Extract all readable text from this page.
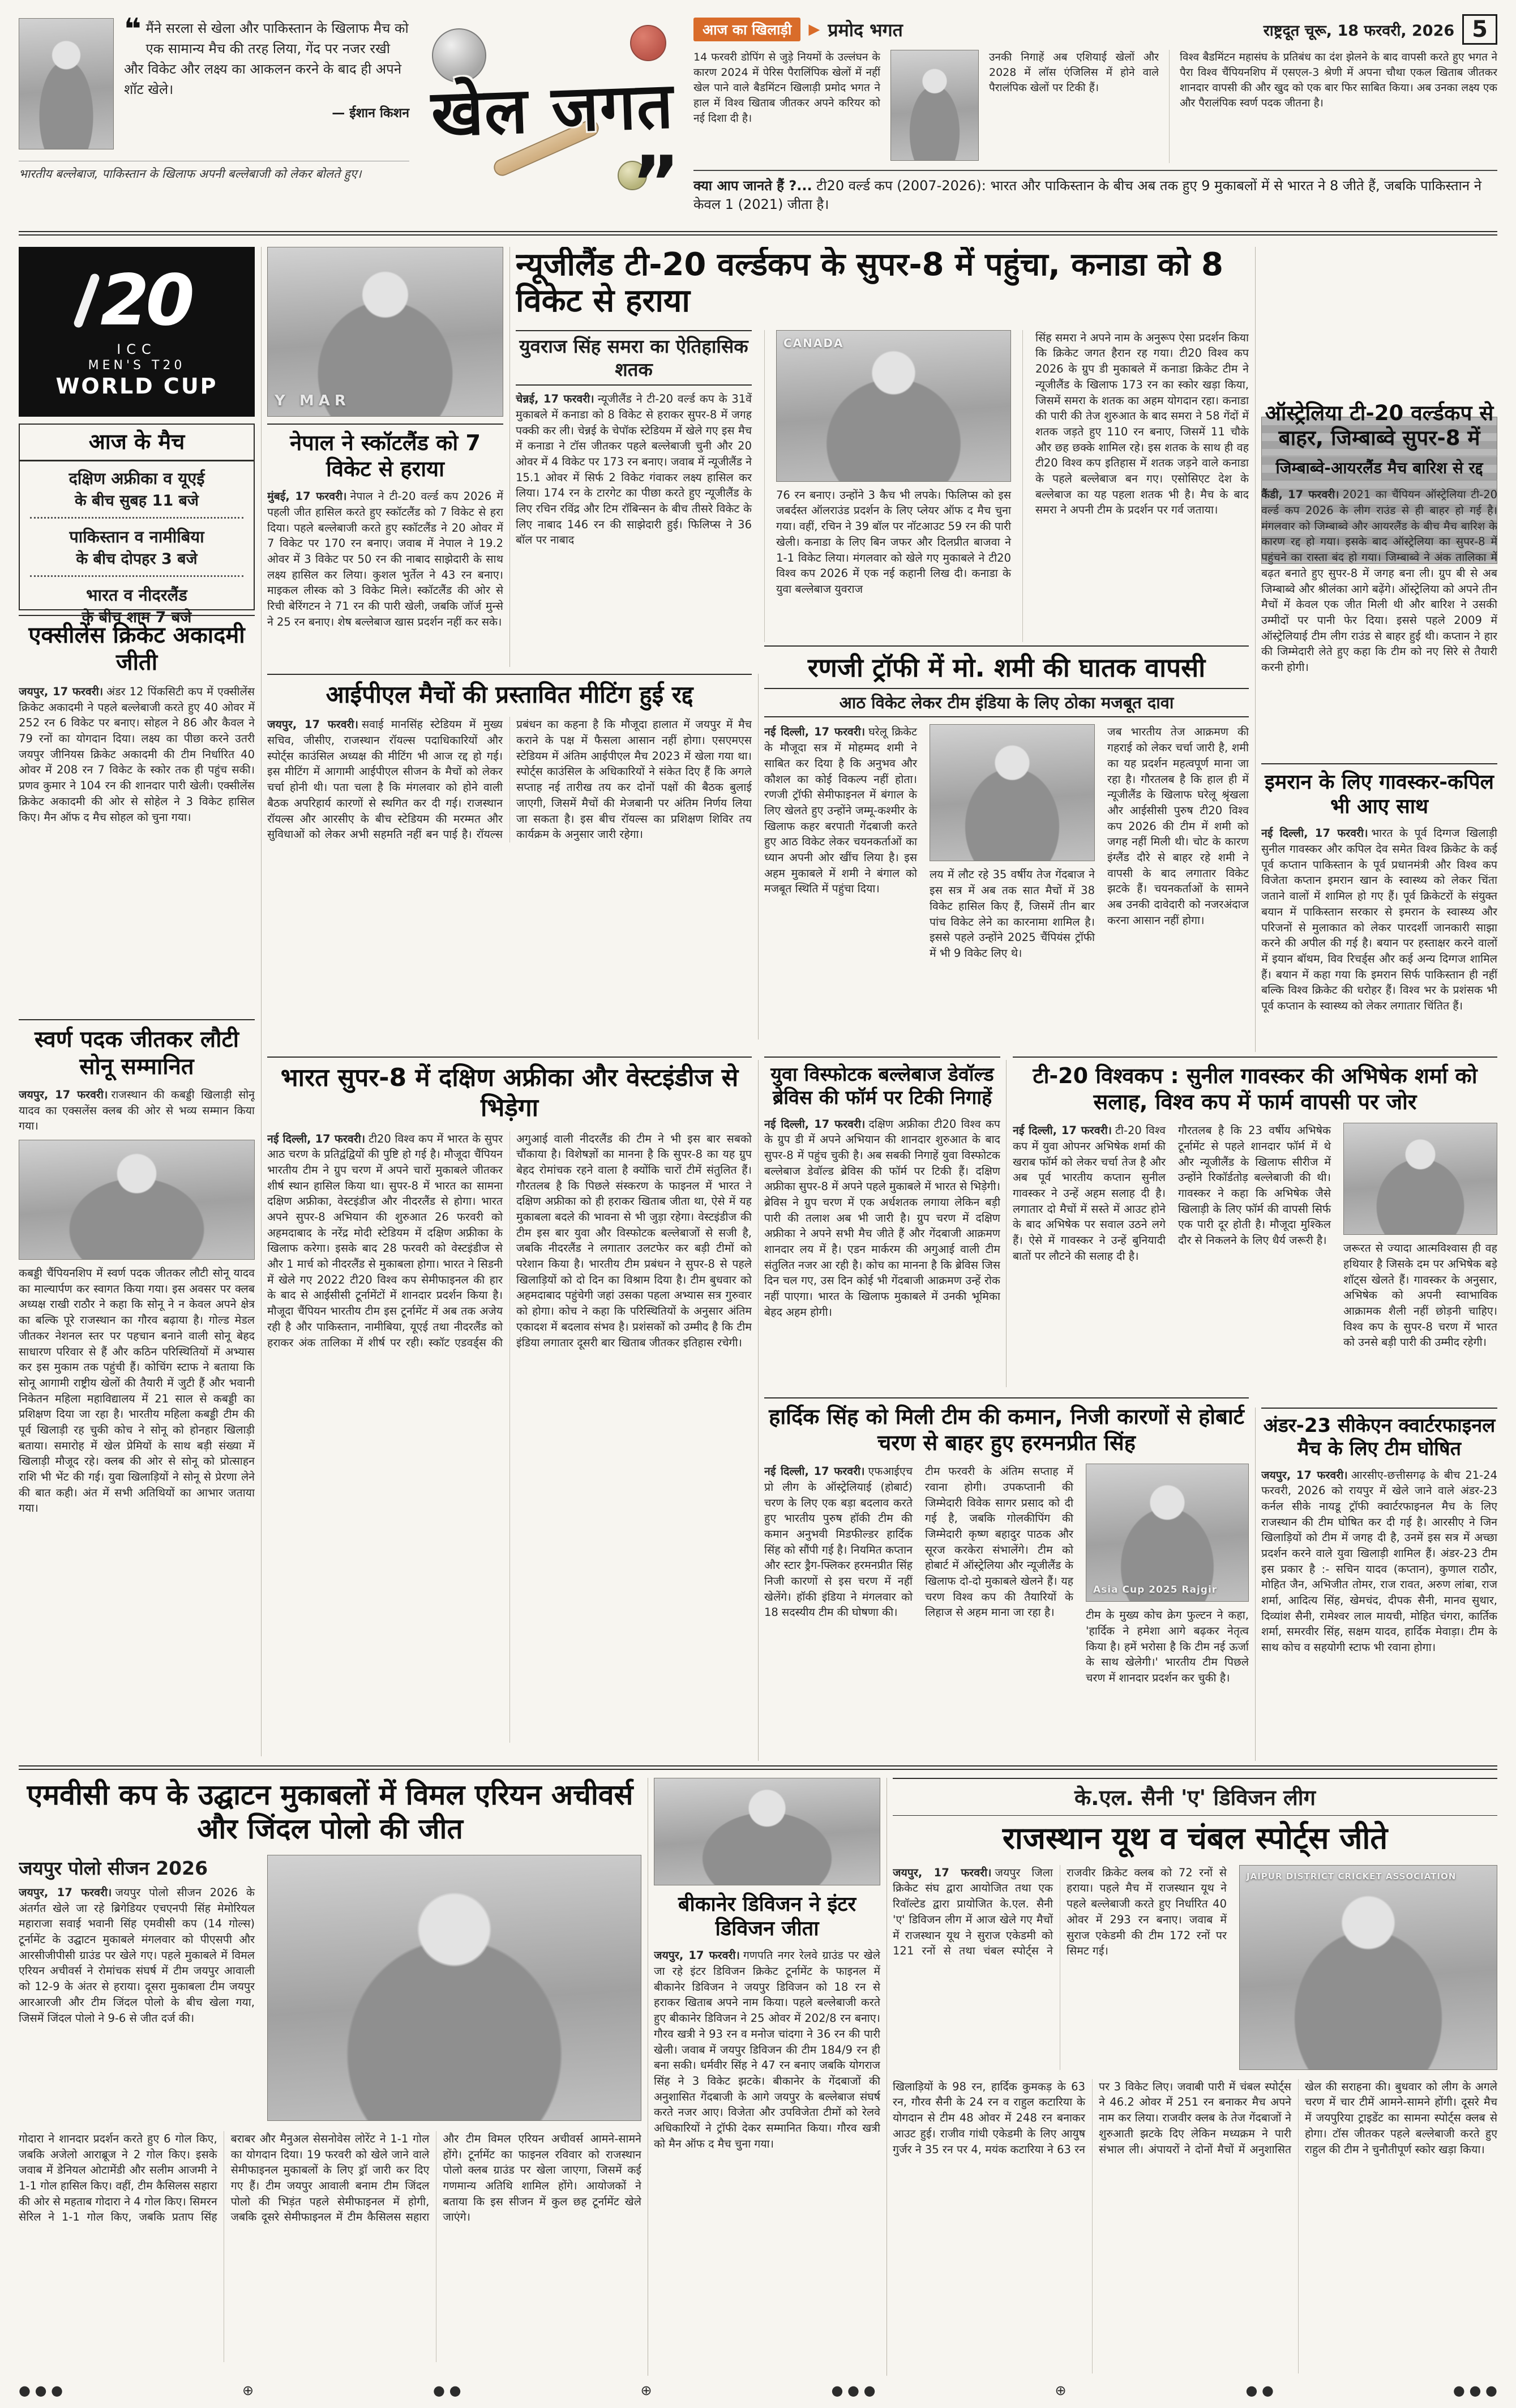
❝ मैंने सरला से खेला और पाकिस्तान के खिलाफ मैच को एक सामान्य मैच की तरह लिया, गेंद पर नजर रखी और विकेट और लक्ष्य का आकलन करने के बाद ही अपने शॉट खेले।
— ईशान किशन
भारतीय बल्लेबाज, पाकिस्तान के खिलाफ अपनी बल्लेबाजी को लेकर बोलते हुए।
खेल जगत
”
आज का खिलाड़ी	▶ प्रमोद भगत	राष्ट्रदूत चूरू, 18 फरवरी, 2026 5
14 फरवरी डोपिंग से जुड़े नियमों के उल्लंघन के कारण 2024 में पेरिस पैरालिंपिक खेलों में नहीं खेल पाने वाले बैडमिंटन खिलाड़ी प्रमोद भगत ने हाल में विश्व खिताब जीतकर अपने करियर को नई दिशा दी है।
उनकी निगाहें अब एशियाई खेलों और 2028 में लॉस एंजिलिस में होने वाले पैरालंपिक खेलों पर टिकी हैं।
विश्व बैडमिंटन महासंघ के प्रतिबंध का दंश झेलने के बाद वापसी करते हुए भगत ने पैरा विश्व चैंपियनशिप में एसएल-3 श्रेणी में अपना चौथा एकल खिताब जीतकर शानदार वापसी की और खुद को एक बार फिर साबित किया। अब उनका लक्ष्य एक और पैरालंपिक स्वर्ण पदक जीतना है।
क्या आप जानते हैं ?... टी20 वर्ल्ड कप (2007-2026): भारत और पाकिस्तान के बीच अब तक हुए 9 मुकाबलों में से भारत ने 8 जीते हैं, जबकि पाकिस्तान ने केवल 1 (2021) जीता है।
20
ICC
MEN'S T20
WORLD CUP
आज के मैच
दक्षिण अफ्रीका व यूएई
के बीच सुबह 11 बजे
पाकिस्तान व नामीबिया
के बीच दोपहर 3 बजे
भारत व नीदरलैंड
के बीच शाम 7 बजे
एक्सीलेंस क्रिकेट अकादमी जीती

जयपुर, 17 फरवरी। अंडर 12 पिंकसिटी कप में एक्सीलेंस क्रिकेट अकादमी ने पहले बल्लेबाजी करते हुए 40 ओवर में 252 रन 6 विकेट पर बनाए। सोहल ने 86 और कैवल ने 79 रनों का योगदान दिया। लक्ष्य का पीछा करने उतरी जयपुर जीनियस क्रिकेट अकादमी की टीम निर्धारित 40 ओवर में 208 रन 7 विकेट के स्कोर तक ही पहुंच सकी। प्रणव कुमार ने 104 रन की शानदार पारी खेली। एक्सीलेंस क्रिकेट अकादमी की ओर से सोहेल ने 3 विकेट हासिल किए। मैन ऑफ द मैच सोहल को चुना गया।

स्वर्ण पदक जीतकर लौटी सोनू सम्मानित

जयपुर, 17 फरवरी। राजस्थान की कबड्डी खिलाड़ी सोनू यादव का एक्सलेंस क्लब की ओर से भव्य सम्मान किया गया।

कबड्डी चैंपियनशिप में स्वर्ण पदक जीतकर लौटी सोनू यादव का माल्यार्पण कर स्वागत किया गया। इस अवसर पर क्लब अध्यक्ष राखी राठौर ने कहा कि सोनू ने न केवल अपने क्षेत्र का बल्कि पूरे राजस्थान का गौरव बढ़ाया है। गोल्ड मेडल जीतकर नेशनल स्तर पर पहचान बनाने वाली सोनू बेहद साधारण परिवार से हैं और कठिन परिस्थितियों में अभ्यास कर इस मुकाम तक पहुंची हैं। कोचिंग स्टाफ ने बताया कि सोनू आगामी राष्ट्रीय खेलों की तैयारी में जुटी हैं और भवानी निकेतन महिला महाविद्यालय में 21 साल से कबड्डी का प्रशिक्षण दिया जा रहा है। भारतीय महिला कबड्डी टीम की पूर्व खिलाड़ी रह चुकी कोच ने सोनू को होनहार खिलाड़ी बताया। समारोह में खेल प्रेमियों के साथ बड़ी संख्या में खिलाड़ी मौजूद रहे। क्लब की ओर से सोनू को प्रोत्साहन राशि भी भेंट की गई। युवा खिलाड़ियों ने सोनू से प्रेरणा लेने की बात कही। अंत में सभी अतिथियों का आभार जताया गया।

Y MAR
नेपाल ने स्कॉटलैंड को 7 विकेट से हराया

मुंबई, 17 फरवरी। नेपाल ने टी-20 वर्ल्ड कप 2026 में पहली जीत हासिल करते हुए स्कॉटलैंड को 7 विकेट से हरा दिया। पहले बल्लेबाजी करते हुए स्कॉटलैंड ने 20 ओवर में 7 विकेट पर 170 रन बनाए। जवाब में नेपाल ने 19.2 ओवर में 3 विकेट पर 50 रन की नाबाद साझेदारी के साथ लक्ष्य हासिल कर लिया। कुशल भुर्तेल ने 43 रन बनाए। माइकल लीस्क को 3 विकेट मिले। स्कॉटलैंड की ओर से रिची बेरिंगटन ने 71 रन की पारी खेली, जबकि जॉर्ज मुन्से ने 25 रन बनाए। शेष बल्लेबाज खास प्रदर्शन नहीं कर सके।

न्यूजीलैंड टी-20 वर्ल्डकप के सुपर-8 में पहुंचा, कनाडा को 8 विकेट से हराया
युवराज सिंह समरा का ऐतिहासिक शतक

चेन्नई, 17 फरवरी। न्यूजीलैंड ने टी-20 वर्ल्ड कप के 31वें मुकाबले में कनाडा को 8 विकेट से हराकर सुपर-8 में जगह पक्की कर ली। चेन्नई के चेपॉक स्टेडियम में खेले गए इस मैच में कनाडा ने टॉस जीतकर पहले बल्लेबाजी चुनी और 20 ओवर में 4 विकेट पर 173 रन बनाए। जवाब में न्यूजीलैंड ने 15.1 ओवर में सिर्फ 2 विकेट गंवाकर लक्ष्य हासिल कर लिया। 174 रन के टारगेट का पीछा करते हुए न्यूजीलैंड के लिए रचिन रविंद्र और टिम रॉबिन्सन के बीच तीसरे विकेट के लिए नाबाद 146 रन की साझेदारी हुई। फिलिप्स ने 36 बॉल पर नाबाद

CANADA

76 रन बनाए। उन्होंने 3 कैच भी लपके। फिलिप्स को इस जबर्दस्त ऑलराउंड प्रदर्शन के लिए प्लेयर ऑफ द मैच चुना गया। वहीं, रचिन ने 39 बॉल पर नॉटआउट 59 रन की पारी खेली। कनाडा के लिए बिन जफर और दिलप्रीत बाजवा ने 1-1 विकेट लिया। मंगलवार को खेले गए मुकाबले ने टी20 विश्व कप 2026 में एक नई कहानी लिख दी। कनाडा के युवा बल्लेबाज युवराज

सिंह समरा ने अपने नाम के अनुरूप ऐसा प्रदर्शन किया कि क्रिकेट जगत हैरान रह गया। टी20 विश्व कप 2026 के ग्रुप डी मुकाबले में कनाडा क्रिकेट टीम ने न्यूजीलैंड के खिलाफ 173 रन का स्कोर खड़ा किया, जिसमें समरा के शतक का अहम योगदान रहा। कनाडा की पारी की तेज शुरुआत के बाद समरा ने 58 गेंदों में शतक जड़ते हुए 110 रन बनाए, जिसमें 11 चौके और छह छक्के शामिल रहे। इस शतक के साथ ही वह टी20 विश्व कप इतिहास में शतक जड़ने वाले कनाडा के पहले बल्लेबाज बन गए। एसोसिएट देश के बल्लेबाज का यह पहला शतक भी है। मैच के बाद समरा ने अपनी टीम के प्रदर्शन पर गर्व जताया।

ऑस्ट्रेलिया टी-20 वर्ल्डकप से बाहर, जिम्बाब्वे सुपर-8 में
जिम्बाब्वे-आयरलैंड मैच बारिश से रद्द

कैंडी, 17 फरवरी। 2021 का चैंपियन ऑस्ट्रेलिया टी-20 वर्ल्ड कप 2026 के लीग राउंड से ही बाहर हो गई है। मंगलवार को जिम्बाब्वे और आयरलैंड के बीच मैच बारिश के कारण रद्द हो गया। इसके बाद ऑस्ट्रेलिया का सुपर-8 में पहुंचने का रास्ता बंद हो गया। जिम्बाब्वे ने अंक तालिका में बढ़त बनाते हुए सुपर-8 में जगह बना ली। ग्रुप बी से अब जिम्बाब्वे और श्रीलंका आगे बढ़ेंगे। ऑस्ट्रेलिया को अपने तीन मैचों में केवल एक जीत मिली थी और बारिश ने उसकी उम्मीदों पर पानी फेर दिया। इससे पहले 2009 में ऑस्ट्रेलियाई टीम लीग राउंड से बाहर हुई थी। कप्तान ने हार की जिम्मेदारी लेते हुए कहा कि टीम को नए सिरे से तैयारी करनी होगी।

इमरान के लिए गावस्कर-कपिल भी आए साथ

नई दिल्ली, 17 फरवरी। भारत के पूर्व दिग्गज खिलाड़ी सुनील गावस्कर और कपिल देव समेत विश्व क्रिकेट के कई पूर्व कप्तान पाकिस्तान के पूर्व प्रधानमंत्री और विश्व कप विजेता कप्तान इमरान खान के स्वास्थ्य को लेकर चिंता जताने वालों में शामिल हो गए हैं। पूर्व क्रिकेटरों के संयुक्त बयान में पाकिस्तान सरकार से इमरान के स्वास्थ्य और परिजनों से मुलाकात को लेकर पारदर्शी जानकारी साझा करने की अपील की गई है। बयान पर हस्ताक्षर करने वालों में इयान बॉथम, विव रिचर्ड्स और कई अन्य दिग्गज शामिल हैं। बयान में कहा गया कि इमरान सिर्फ पाकिस्तान ही नहीं बल्कि विश्व क्रिकेट की धरोहर हैं। विश्व भर के प्रशंसक भी पूर्व कप्तान के स्वास्थ्य को लेकर लगातार चिंतित हैं।

रणजी ट्रॉफी में मो. शमी की घातक वापसी
आठ विकेट लेकर टीम इंडिया के लिए ठोका मजबूत दावा

नई दिल्ली, 17 फरवरी। घरेलू क्रिकेट के मौजूदा सत्र में मोहम्मद शमी ने साबित कर दिया है कि अनुभव और कौशल का कोई विकल्प नहीं होता। रणजी ट्रॉफी सेमीफाइनल में बंगाल के लिए खेलते हुए उन्होंने जम्मू-कश्मीर के खिलाफ कहर बरपाती गेंदबाजी करते हुए आठ विकेट लेकर चयनकर्ताओं का ध्यान अपनी ओर खींच लिया है। इस अहम मुकाबले में शमी ने बंगाल को मजबूत स्थिति में पहुंचा दिया।

लय में लौट रहे 35 वर्षीय तेज गेंदबाज ने इस सत्र में अब तक सात मैचों में 38 विकेट हासिल किए हैं, जिसमें तीन बार पांच विकेट लेने का कारनामा शामिल है। इससे पहले उन्होंने 2025 चैंपियंस ट्रॉफी में भी 9 विकेट लिए थे।

जब भारतीय तेज आक्रमण की गहराई को लेकर चर्चा जारी है, शमी का यह प्रदर्शन महत्वपूर्ण माना जा रहा है। गौरतलब है कि हाल ही में न्यूजीलैंड के खिलाफ घरेलू श्रृंखला और आईसीसी पुरुष टी20 विश्व कप 2026 की टीम में शमी को जगह नहीं मिली थी। चोट के कारण इंग्लैंड दौरे से बाहर रहे शमी ने वापसी के बाद लगातार विकेट झटके हैं। चयनकर्ताओं के सामने अब उनकी दावेदारी को नजरअंदाज करना आसान नहीं होगा।

आईपीएल मैचों की प्रस्तावित मीटिंग हुई रद्द

जयपुर, 17 फरवरी। सवाई मानसिंह स्टेडियम में मुख्य सचिव, जीसीए, राजस्थान रॉयल्स पदाधिकारियों और स्पोर्ट्स काउंसिल अध्यक्ष की मीटिंग भी आज रद्द हो गई। इस मीटिंग में आगामी आईपीएल सीजन के मैचों को लेकर चर्चा होनी थी। पता चला है कि मंगलवार को होने वाली बैठक अपरिहार्य कारणों से स्थगित कर दी गई। राजस्थान रॉयल्स और आरसीए के बीच स्टेडियम की मरम्मत और सुविधाओं को लेकर अभी सहमति नहीं बन पाई है। रॉयल्स प्रबंधन का कहना है कि मौजूदा हालात में जयपुर में मैच कराने के पक्ष में फैसला आसान नहीं होगा। एसएमएस स्टेडियम में अंतिम आईपीएल मैच 2023 में खेला गया था। स्पोर्ट्स काउंसिल के अधिकारियों ने संकेत दिए हैं कि अगले सप्ताह नई तारीख तय कर दोनों पक्षों की बैठक बुलाई जाएगी, जिसमें मैचों की मेजबानी पर अंतिम निर्णय लिया जा सकता है। इस बीच रॉयल्स का प्रशिक्षण शिविर तय कार्यक्रम के अनुसार जारी रहेगा।

भारत सुपर-8 में दक्षिण अफ्रीका और वेस्टइंडीज से भिड़ेगा

नई दिल्ली, 17 फरवरी। टी20 विश्व कप में भारत के सुपर आठ चरण के प्रतिद्वंद्वियों की पुष्टि हो गई है। मौजूदा चैंपियन भारतीय टीम ने ग्रुप चरण में अपने चारों मुकाबले जीतकर शीर्ष स्थान हासिल किया था। सुपर-8 में भारत का सामना दक्षिण अफ्रीका, वेस्टइंडीज और नीदरलैंड से होगा। भारत अपने सुपर-8 अभियान की शुरुआत 26 फरवरी को अहमदाबाद के नरेंद्र मोदी स्टेडियम में दक्षिण अफ्रीका के खिलाफ करेगा। इसके बाद 28 फरवरी को वेस्टइंडीज से और 1 मार्च को नीदरलैंड से मुकाबला होगा। भारत ने सिडनी में खेले गए 2022 टी20 विश्व कप सेमीफाइनल की हार के बाद से आईसीसी टूर्नामेंटों में शानदार प्रदर्शन किया है। मौजूदा चैंपियन भारतीय टीम इस टूर्नामेंट में अब तक अजेय रही है और पाकिस्तान, नामीबिया, यूएई तथा नीदरलैंड को हराकर अंक तालिका में शीर्ष पर रही। स्कॉट एडवर्ड्स की अगुआई वाली नीदरलैंड की टीम ने भी इस बार सबको चौंकाया है। विशेषज्ञों का मानना है कि सुपर-8 का यह ग्रुप बेहद रोमांचक रहने वाला है क्योंकि चारों टीमें संतुलित हैं। गौरतलब है कि पिछले संस्करण के फाइनल में भारत ने दक्षिण अफ्रीका को ही हराकर खिताब जीता था, ऐसे में यह मुकाबला बदले की भावना से भी जुड़ा रहेगा। वेस्टइंडीज की टीम इस बार युवा और विस्फोटक बल्लेबाजों से सजी है, जबकि नीदरलैंड ने लगातार उलटफेर कर बड़ी टीमों को परेशान किया है। भारतीय टीम प्रबंधन ने सुपर-8 से पहले खिलाड़ियों को दो दिन का विश्राम दिया है। टीम बुधवार को अहमदाबाद पहुंचेगी जहां उसका पहला अभ्यास सत्र गुरुवार को होगा। कोच ने कहा कि परिस्थितियों के अनुसार अंतिम एकादश में बदलाव संभव है। प्रशंसकों को उम्मीद है कि टीम इंडिया लगातार दूसरी बार खिताब जीतकर इतिहास रचेगी।

युवा विस्फोटक बल्लेबाज डेवॉल्ड ब्रेविस की फॉर्म पर टिकी निगाहें

नई दिल्ली, 17 फरवरी। दक्षिण अफ्रीका टी20 विश्व कप के ग्रुप डी में अपने अभियान की शानदार शुरुआत के बाद सुपर-8 में पहुंच चुकी है। अब सबकी निगाहें युवा विस्फोटक बल्लेबाज डेवॉल्ड ब्रेविस की फॉर्म पर टिकी हैं। दक्षिण अफ्रीका सुपर-8 में अपने पहले मुकाबले में भारत से भिड़ेगी। ब्रेविस ने ग्रुप चरण में एक अर्धशतक लगाया लेकिन बड़ी पारी की तलाश अब भी जारी है। ग्रुप चरण में दक्षिण अफ्रीका ने अपने सभी मैच जीते हैं और गेंदबाजी आक्रमण शानदार लय में है। एडन मार्करम की अगुआई वाली टीम संतुलित नजर आ रही है। कोच का मानना है कि ब्रेविस जिस दिन चल गए, उस दिन कोई भी गेंदबाजी आक्रमण उन्हें रोक नहीं पाएगा। भारत के खिलाफ मुकाबले में उनकी भूमिका बेहद अहम होगी।

टी-20 विश्वकप : सुनील गावस्कर की अभिषेक शर्मा को सलाह, विश्व कप में फार्म वापसी पर जोर

नई दिल्ली, 17 फरवरी। टी-20 विश्व कप में युवा ओपनर अभिषेक शर्मा की खराब फॉर्म को लेकर चर्चा तेज है और अब पूर्व भारतीय कप्तान सुनील गावस्कर ने उन्हें अहम सलाह दी है। लगातार दो मैचों में सस्ते में आउट होने के बाद अभिषेक पर सवाल उठने लगे हैं। ऐसे में गावस्कर ने उन्हें बुनियादी बातों पर लौटने की सलाह दी है।

गौरतलब है कि 23 वर्षीय अभिषेक टूर्नामेंट से पहले शानदार फॉर्म में थे और न्यूजीलैंड के खिलाफ सीरीज में उन्होंने रिकॉर्डतोड़ बल्लेबाजी की थी। गावस्कर ने कहा कि अभिषेक जैसे खिलाड़ी के लिए फॉर्म की वापसी सिर्फ एक पारी दूर होती है। मौजूदा मुश्किल दौर से निकलने के लिए धैर्य जरूरी है।

जरूरत से ज्यादा आत्मविश्वास ही वह हथियार है जिसके दम पर अभिषेक बड़े शॉट्स खेलते हैं। गावस्कर के अनुसार, अभिषेक को अपनी स्वाभाविक आक्रामक शैली नहीं छोड़नी चाहिए। विश्व कप के सुपर-8 चरण में भारत को उनसे बड़ी पारी की उम्मीद रहेगी।

हार्दिक सिंह को मिली टीम की कमान, निजी कारणों से होबार्ट चरण से बाहर हुए हरमनप्रीत सिंह

नई दिल्ली, 17 फरवरी। एफआईएच प्रो लीग के ऑस्ट्रेलियाई (होबार्ट) चरण के लिए एक बड़ा बदलाव करते हुए भारतीय पुरुष हॉकी टीम की कमान अनुभवी मिडफील्डर हार्दिक सिंह को सौंपी गई है। नियमित कप्तान और स्टार ड्रैग-फ्लिकर हरमनप्रीत सिंह निजी कारणों से इस चरण में नहीं खेलेंगे। हॉकी इंडिया ने मंगलवार को 18 सदस्यीय टीम की घोषणा की।

टीम फरवरी के अंतिम सप्ताह में रवाना होगी। उपकप्तानी की जिम्मेदारी विवेक सागर प्रसाद को दी गई है, जबकि गोलकीपिंग की जिम्मेदारी कृष्ण बहादुर पाठक और सूरज करकेरा संभालेंगे। टीम को होबार्ट में ऑस्ट्रेलिया और न्यूजीलैंड के खिलाफ दो-दो मुकाबले खेलने हैं। यह चरण विश्व कप की तैयारियों के लिहाज से अहम माना जा रहा है।

Asia Cup 2025 Rajgir

टीम के मुख्य कोच क्रेग फुल्टन ने कहा, 'हार्दिक ने हमेशा आगे बढ़कर नेतृत्व किया है। हमें भरोसा है कि टीम नई ऊर्जा के साथ खेलेगी।' भारतीय टीम पिछले चरण में शानदार प्रदर्शन कर चुकी है।

अंडर-23 सीकेएन क्वार्टरफाइनल मैच के लिए टीम घोषित

जयपुर, 17 फरवरी। आरसीए-छत्तीसगढ़ के बीच 21-24 फरवरी, 2026 को रायपुर में खेले जाने वाले अंडर-23 कर्नल सीके नायडू ट्रॉफी क्वार्टरफाइनल मैच के लिए राजस्थान की टीम घोषित कर दी गई है। आरसीए ने जिन खिलाड़ियों को टीम में जगह दी है, उनमें इस सत्र में अच्छा प्रदर्शन करने वाले युवा खिलाड़ी शामिल हैं। अंडर-23 टीम इस प्रकार है :- सचिन यादव (कप्तान), कुणाल राठौर, मोहित जैन, अभिजीत तोमर, राज रावत, अरुण लांबा, राज शर्मा, आदित्य सिंह, खेमचंद, दीपक सैनी, मानव सुथार, दिव्यांश सैनी, रामेश्वर लाल मायची, मोहित चंगरा, कार्तिक शर्मा, समरवीर सिंह, सक्षम यादव, हार्दिक मेवाड़ा। टीम के साथ कोच व सहयोगी स्टाफ भी रवाना होगा।

एमवीसी कप के उद्घाटन मुकाबलों में विमल एरियन अचीवर्स और जिंदल पोलो की जीत
जयपुर पोलो सीजन 2026

जयपुर, 17 फरवरी। जयपुर पोलो सीजन 2026 के अंतर्गत खेले जा रहे ब्रिगेडियर एचएनपी सिंह मेमोरियल महाराजा सवाई भवानी सिंह एमवीसी कप (14 गोल्स) टूर्नामेंट के उद्घाटन मुकाबले मंगलवार को पीएसपी और आरसीजीपीसी ग्राउंड पर खेले गए। पहले मुकाबले में विमल एरियन अचीवर्स ने रोमांचक संघर्ष में टीम जयपुर आवाली को 12-9 के अंतर से हराया। दूसरा मुकाबला टीम जयपुर आरआरजी और टीम जिंदल पोलो के बीच खेला गया, जिसमें जिंदल पोलो ने 9-6 से जीत दर्ज की।

गोदारा ने शानदार प्रदर्शन करते हुए 6 गोल किए, जबकि अजेलो आराब्रूज ने 2 गोल किए। इसके जवाब में डेनियल ओटामेंडी और सलीम आजमी ने 1-1 गोल हासिल किए। वहीं, टीम कैसिलस सहारा की ओर से महताब गोदारा ने 4 गोल किए। सिमरन सेरिल ने 1-1 गोल किए, जबकि प्रताप सिंह बराबर और मैनुअल सेसनोवेस लोरेंट ने 1-1 गोल का योगदान दिया। 19 फरवरी को खेले जाने वाले सेमीफाइनल मुकाबलों के लिए ड्रॉ जारी कर दिए गए हैं। टीम जयपुर आवाली बनाम टीम जिंदल पोलो की भिड़ंत पहले सेमीफाइनल में होगी, जबकि दूसरे सेमीफाइनल में टीम कैसिलस सहारा और टीम विमल एरियन अचीवर्स आमने-सामने होंगे। टूर्नामेंट का फाइनल रविवार को राजस्थान पोलो क्लब ग्राउंड पर खेला जाएगा, जिसमें कई गणमान्य अतिथि शामिल होंगे। आयोजकों ने बताया कि इस सीजन में कुल छह टूर्नामेंट खेले जाएंगे।

बीकानेर डिविजन ने इंटर डिविजन जीता

जयपुर, 17 फरवरी। गणपति नगर रेलवे ग्राउंड पर खेले जा रहे इंटर डिविजन क्रिकेट टूर्नामेंट के फाइनल में बीकानेर डिविजन ने जयपुर डिविजन को 18 रन से हराकर खिताब अपने नाम किया। पहले बल्लेबाजी करते हुए बीकानेर डिविजन ने 25 ओवर में 202/8 रन बनाए। गौरव खत्री ने 93 रन व मनोज चांदगा ने 36 रन की पारी खेली। जवाब में जयपुर डिविजन की टीम 184/9 रन ही बना सकी। धर्मवीर सिंह ने 47 रन बनाए जबकि योगराज सिंह ने 3 विकेट झटके। बीकानेर के गेंदबाजों की अनुशासित गेंदबाजी के आगे जयपुर के बल्लेबाज संघर्ष करते नजर आए। विजेता और उपविजेता टीमों को रेलवे अधिकारियों ने ट्रॉफी देकर सम्मानित किया। गौरव खत्री को मैन ऑफ द मैच चुना गया।

के.एल. सैनी 'ए' डिविजन लीग
राजस्थान यूथ व चंबल स्पोर्ट्स जीते

जयपुर, 17 फरवरी। जयपुर जिला क्रिकेट संघ द्वारा आयोजित तथा एक रिवॉल्टेड द्वारा प्रायोजित के.एल. सैनी 'ए' डिविजन लीग में आज खेले गए मैचों में राजस्थान यूथ ने सुराज एकेडमी को 121 रनों से तथा चंबल स्पोर्ट्स ने राजवीर क्रिकेट क्लब को 72 रनों से हराया। पहले मैच में राजस्थान यूथ ने पहले बल्लेबाजी करते हुए निर्धारित 40 ओवर में 293 रन बनाए। जवाब में सुराज एकेडमी की टीम 172 रनों पर सिमट गई।

JAIPUR DISTRICT CRICKET ASSOCIATION

खिलाड़ियों के 98 रन, हार्दिक कुमकड़ के 63 रन, गौरव सैनी के 24 रन व राहुल कटारिया के योगदान से टीम 48 ओवर में 248 रन बनाकर आउट हुई। राजीव गांधी एकेडमी के लिए आयुष गुर्जर ने 35 रन पर 4, मयंक कटारिया ने 63 रन पर 3 विकेट लिए। जवाबी पारी में चंबल स्पोर्ट्स ने 46.2 ओवर में 251 रन बनाकर मैच अपने नाम कर लिया। राजवीर क्लब के तेज गेंदबाजों ने शुरुआती झटके दिए लेकिन मध्यक्रम ने पारी संभाल ली। अंपायरों ने दोनों मैचों में अनुशासित खेल की सराहना की। बुधवार को लीग के अगले चरण में चार टीमें आमने-सामने होंगी। दूसरे मैच में जयपुरिया ट्राइडेंट का सामना स्पोर्ट्स क्लब से होगा। टॉस जीतकर पहले बल्लेबाजी करते हुए राहुल की टीम ने चुनौतीपूर्ण स्कोर खड़ा किया।

● ● ●	⊕	● ●	⊕	● ● ●	⊕	● ●	● ● ●
